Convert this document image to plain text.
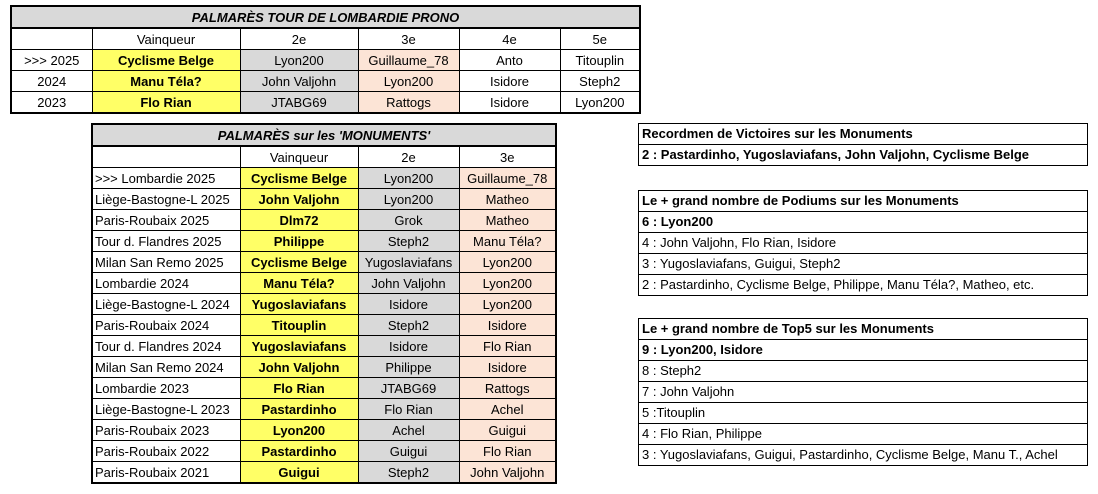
PALMARÈS TOUR DE LOMBARDIE PRONO					
	Vainqueur	2e	3e	4e	5e
>>> 2025	Cyclisme Belge	Lyon200	Guillaume_78	Anto	Titouplin
2024	Manu Téla?	John Valjohn	Lyon200	Isidore	Steph2
2023	Flo Rian	JTABG69	Rattogs	Isidore	Lyon200
PALMARÈS sur les 'MONUMENTS'			
	Vainqueur	2e	3e
>>> Lombardie 2025	Cyclisme Belge	Lyon200	Guillaume_78
Liège-Bastogne-L 2025	John Valjohn	Lyon200	Matheo
Paris-Roubaix 2025	Dlm72	Grok	Matheo
Tour d. Flandres 2025	Philippe	Steph2	Manu Téla?
Milan San Remo 2025	Cyclisme Belge	Yugoslaviafans	Lyon200
Lombardie 2024	Manu Téla?	John Valjohn	Lyon200
Liège-Bastogne-L 2024	Yugoslaviafans	Isidore	Lyon200
Paris-Roubaix 2024	Titouplin	Steph2	Isidore
Tour d. Flandres 2024	Yugoslaviafans	Isidore	Flo Rian
Milan San Remo 2024	John Valjohn	Philippe	Isidore
Lombardie 2023	Flo Rian	JTABG69	Rattogs
Liège-Bastogne-L 2023	Pastardinho	Flo Rian	Achel
Paris-Roubaix 2023	Lyon200	Achel	Guigui
Paris-Roubaix 2022	Pastardinho	Guigui	Flo Rian
Paris-Roubaix 2021	Guigui	Steph2	John Valjohn
Recordmen de Victoires sur les Monuments
2 : Pastardinho, Yugoslaviafans, John Valjohn, Cyclisme Belge
Le + grand nombre de Podiums sur les Monuments
6 : Lyon200
4 : John Valjohn, Flo Rian, Isidore
3 : Yugoslaviafans, Guigui, Steph2
2 : Pastardinho, Cyclisme Belge, Philippe, Manu Téla?, Matheo, etc.
Le + grand nombre de Top5 sur les Monuments
9 : Lyon200, Isidore
8 : Steph2
7 : John Valjohn
5 :Titouplin
4 : Flo Rian, Philippe
3 : Yugoslaviafans, Guigui, Pastardinho, Cyclisme Belge, Manu T., Achel
